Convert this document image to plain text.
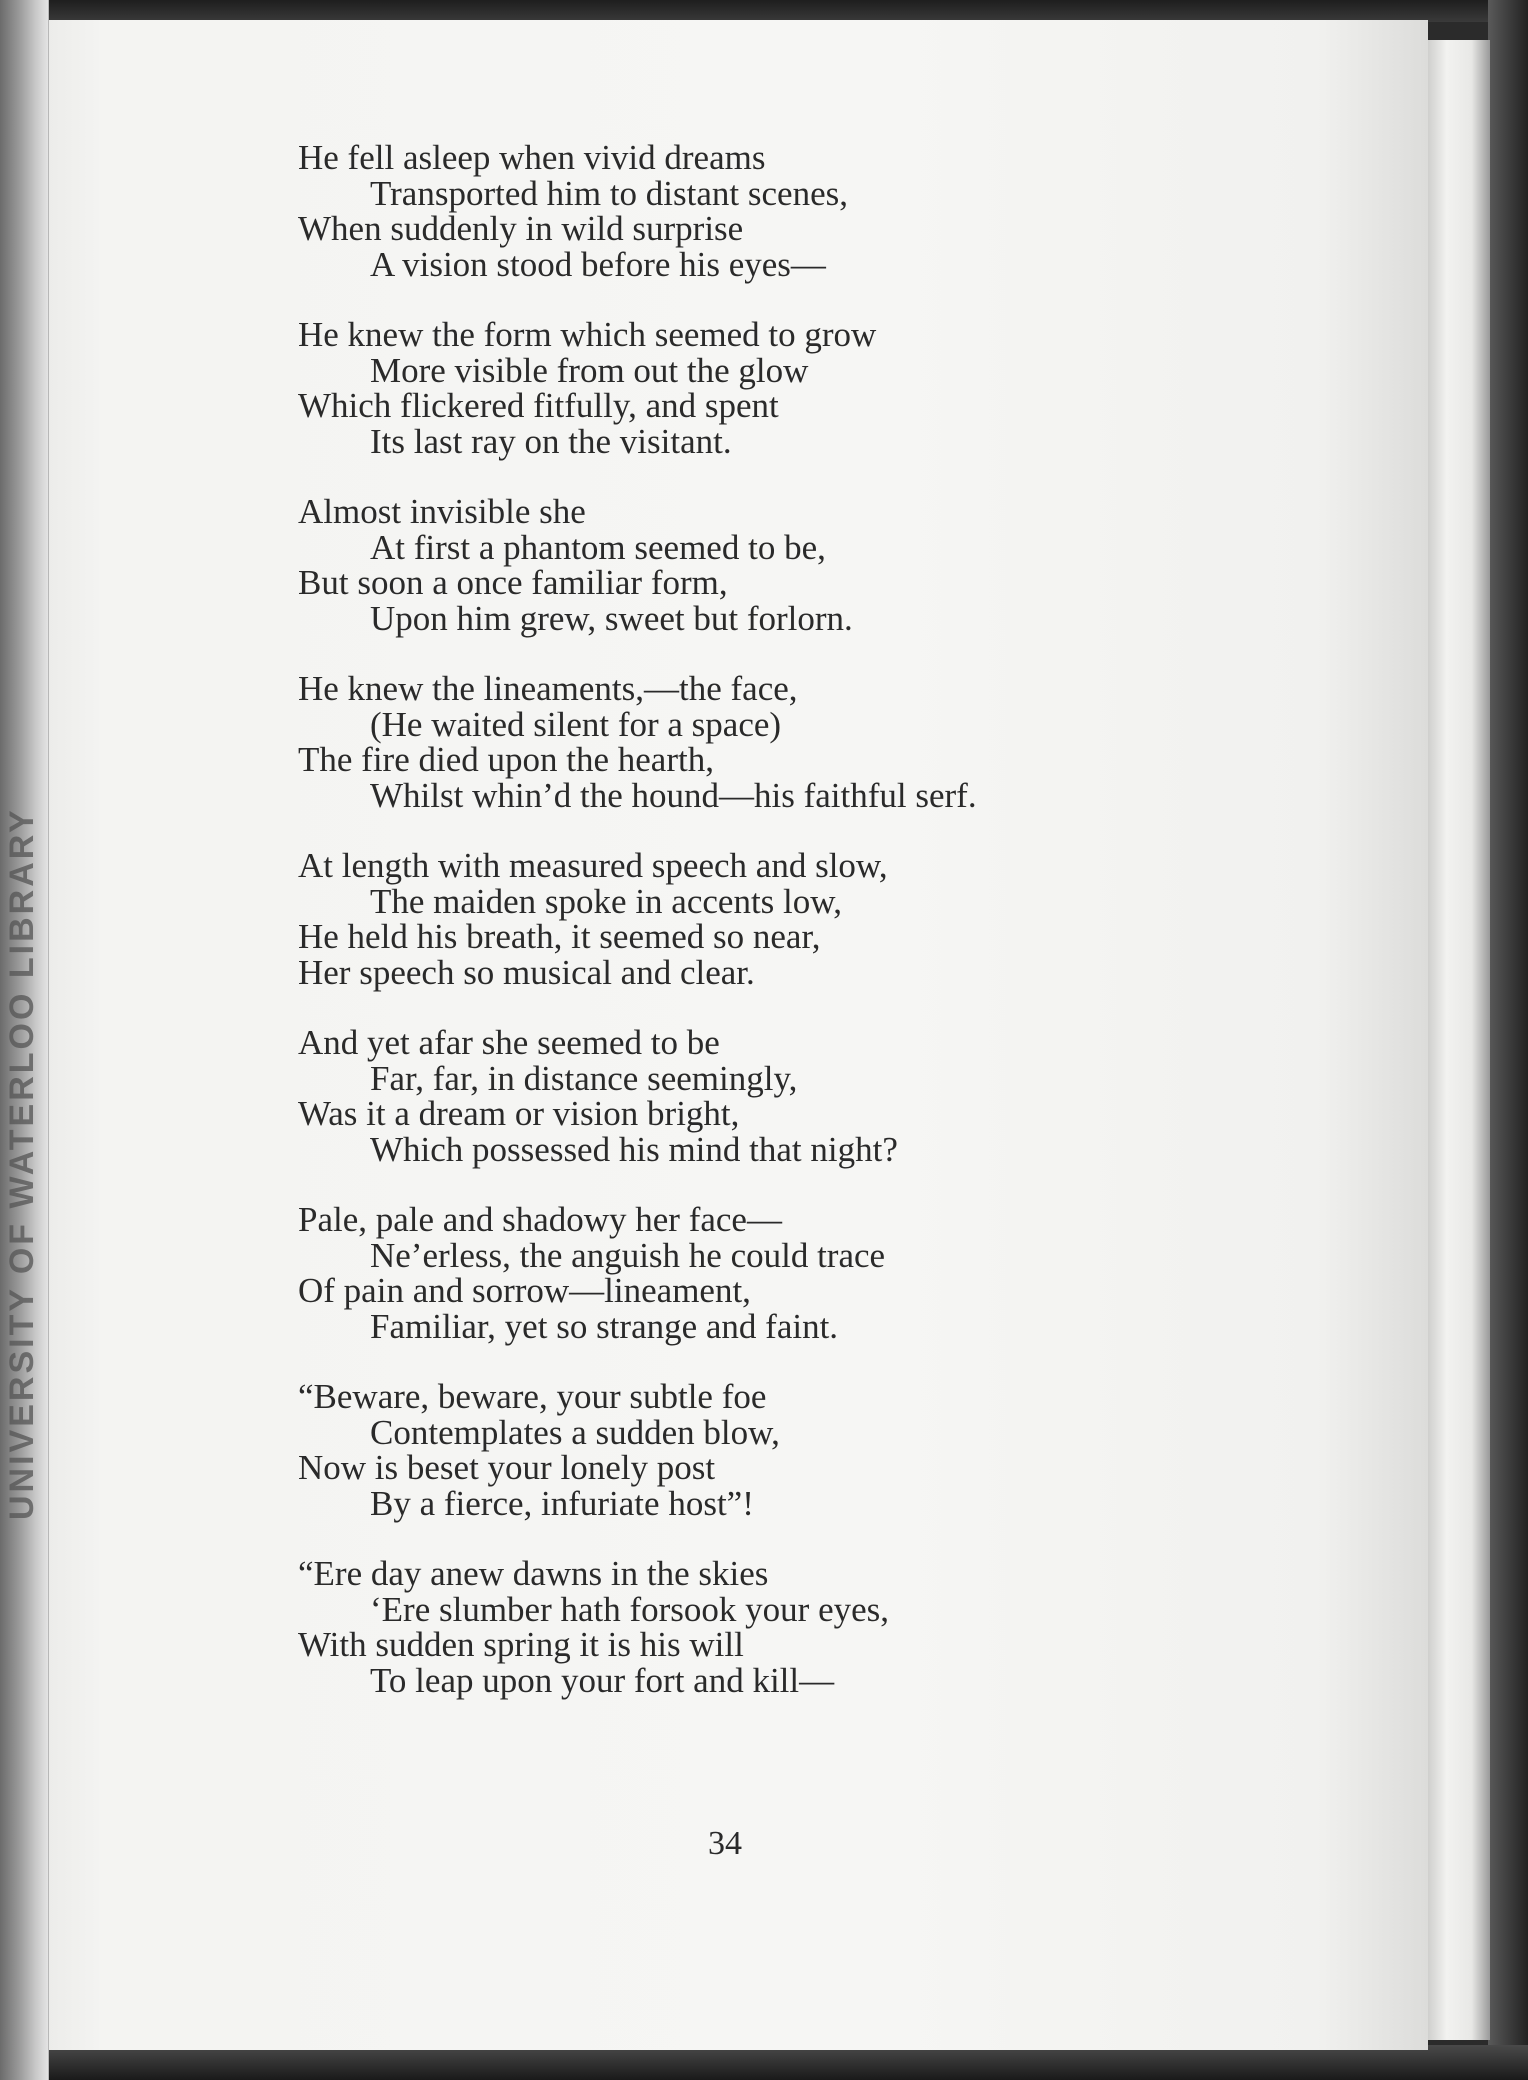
He fell asleep when vivid dreams
Transported him to distant scenes,
When suddenly in wild surprise
A vision stood before his eyes—
He knew the form which seemed to grow
More visible from out the glow
Which flickered fitfully, and spent
Its last ray on the visitant.
Almost invisible she
At first a phantom seemed to be,
But soon a once familiar form,
Upon him grew, sweet but forlorn.
He knew the lineaments,—the face,
(He waited silent for a space)
The fire died upon the hearth,
Whilst whin’d the hound—his faithful serf.
At length with measured speech and slow,
The maiden spoke in accents low,
He held his breath, it seemed so near,
Her speech so musical and clear.
And yet afar she seemed to be
Far, far, in distance seemingly,
Was it a dream or vision bright,
Which possessed his mind that night?
Pale, pale and shadowy her face—
Ne’erless, the anguish he could trace
Of pain and sorrow—lineament,
Familiar, yet so strange and faint.
“Beware, beware, your subtle foe
Contemplates a sudden blow,
Now is beset your lonely post
By a fierce, infuriate host”!
“Ere day anew dawns in the skies
‘Ere slumber hath forsook your eyes,
With sudden spring it is his will
To leap upon your fort and kill—
34
UNIVERSITY OF WATERLOO LIBRARY
